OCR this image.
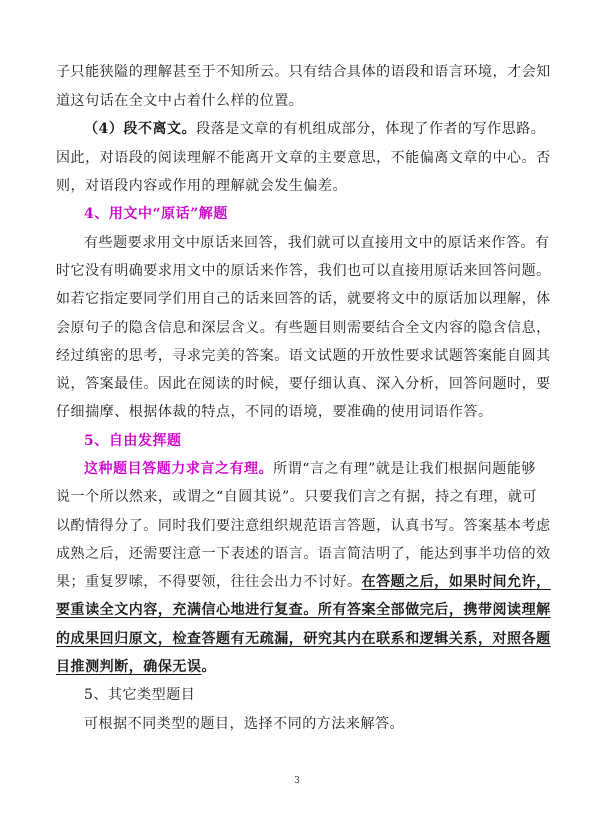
子只能狭隘的理解甚至于不知所云。只有结合具体的语段和语言环境，才会知
道这句话在全文中占着什么样的位置。
（4）段不离文。段落是文章的有机组成部分，体现了作者的写作思路。
因此，对语段的阅读理解不能离开文章的主要意思，不能偏离文章的中心。否
则，对语段内容或作用的理解就会发生偏差。
4、用文中“原话”解题
有些题要求用文中原话来回答，我们就可以直接用文中的原话来作答。有
时它没有明确要求用文中的原话来作答，我们也可以直接用原话来回答问题。
如若它指定要同学们用自己的话来回答的话，就要将文中的原话加以理解，体
会原句子的隐含信息和深层含义。有些题目则需要结合全文内容的隐含信息，
经过缜密的思考，寻求完美的答案。语文试题的开放性要求试题答案能自圆其
说，答案最佳。因此在阅读的时候，要仔细认真、深入分析，回答问题时，要
仔细揣摩、根据体裁的特点，不同的语境，要准确的使用词语作答。
5、自由发挥题
这种题目答题力求言之有理。所谓“言之有理”就是让我们根据问题能够
说一个所以然来，或谓之“自圆其说”。只要我们言之有据，持之有理，就可
以酌情得分了。同时我们要注意组织规范语言答题，认真书写。答案基本考虑
成熟之后，还需要注意一下表述的语言。语言简洁明了，能达到事半功倍的效
果；重复罗嗦，不得要领，往往会出力不讨好。在答题之后，如果时间允许，
要重读全文内容，充满信心地进行复查。所有答案全部做完后，携带阅读理解
的成果回归原文，检查答题有无疏漏，研究其内在联系和逻辑关系，对照各题
目推测判断，确保无误。
5、其它类型题目
可根据不同类型的题目，选择不同的方法来解答。
3
